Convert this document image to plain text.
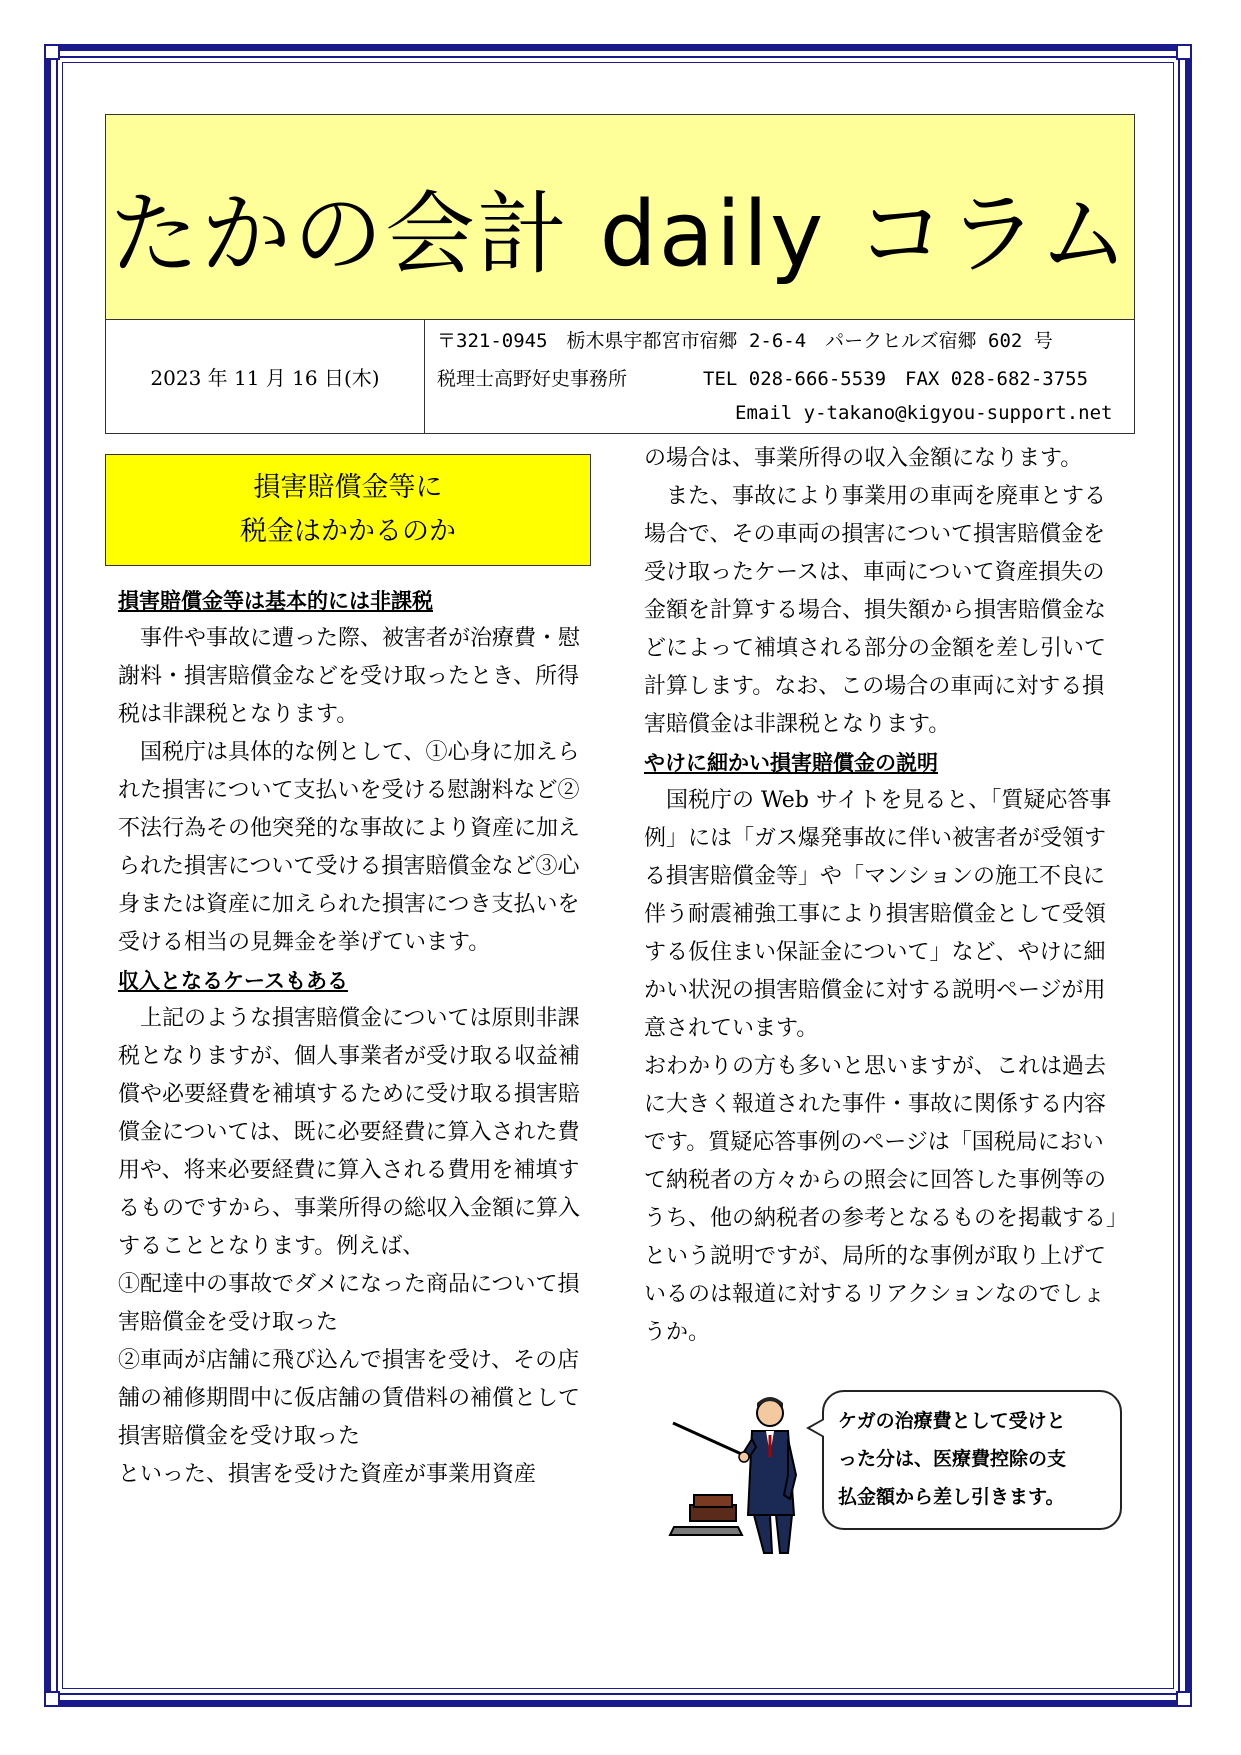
たかの会計 daily コラム
2023 年 11 月 16 日(木)
〒321-0945　栃木県宇都宮市宿郷 2-6-4　パークヒルズ宿郷 602 号
税理士高野好史事務所　　　　TEL 028-666-5539　FAX 028-682-3755
Email y-takano@kigyou-support.net
損害賠償金等に
税金はかかるのか

損害賠償金等は基本的には非課税

事件や事故に遭った際、被害者が治療費・慰謝料・損害賠償金などを受け取ったとき、所得税は非課税となります。

国税庁は具体的な例として、①心身に加えられた損害について支払いを受ける慰謝料など②不法行為その他突発的な事故により資産に加えられた損害について受ける損害賠償金など③心身または資産に加えられた損害につき支払いを受ける相当の見舞金を挙げています。

収入となるケースもある

上記のような損害賠償金については原則非課税となりますが、個人事業者が受け取る収益補償や必要経費を補填するために受け取る損害賠償金については、既に必要経費に算入された費用や、将来必要経費に算入される費用を補填するものですから、事業所得の総収入金額に算入することとなります。例えば、

①配達中の事故でダメになった商品について損害賠償金を受け取った

②車両が店舗に飛び込んで損害を受け、その店舗の補修期間中に仮店舗の賃借料の補償として損害賠償金を受け取った

といった、損害を受けた資産が事業用資産

の場合は、事業所得の収入金額になります。

また、事故により事業用の車両を廃車とする場合で、その車両の損害について損害賠償金を受け取ったケースは、車両について資産損失の金額を計算する場合、損失額から損害賠償金などによって補填される部分の金額を差し引いて計算します。なお、この場合の車両に対する損害賠償金は非課税となります。

やけに細かい損害賠償金の説明

国税庁の Web サイトを見ると、「質疑応答事例」には「ガス爆発事故に伴い被害者が受領する損害賠償金等」や「マンションの施工不良に伴う耐震補強工事により損害賠償金として受領する仮住まい保証金について」など、やけに細かい状況の損害賠償金に対する説明ページが用意されています。

おわかりの方も多いと思いますが、これは過去に大きく報道された事件・事故に関係する内容です。質疑応答事例のページは「国税局において納税者の方々からの照会に回答した事例等のうち、他の納税者の参考となるものを掲載する」という説明ですが、局所的な事例が取り上げているのは報道に対するリアクションなのでしょうか。

ケガの治療費として受けと
った分は、医療費控除の支
払金額から差し引きます。
